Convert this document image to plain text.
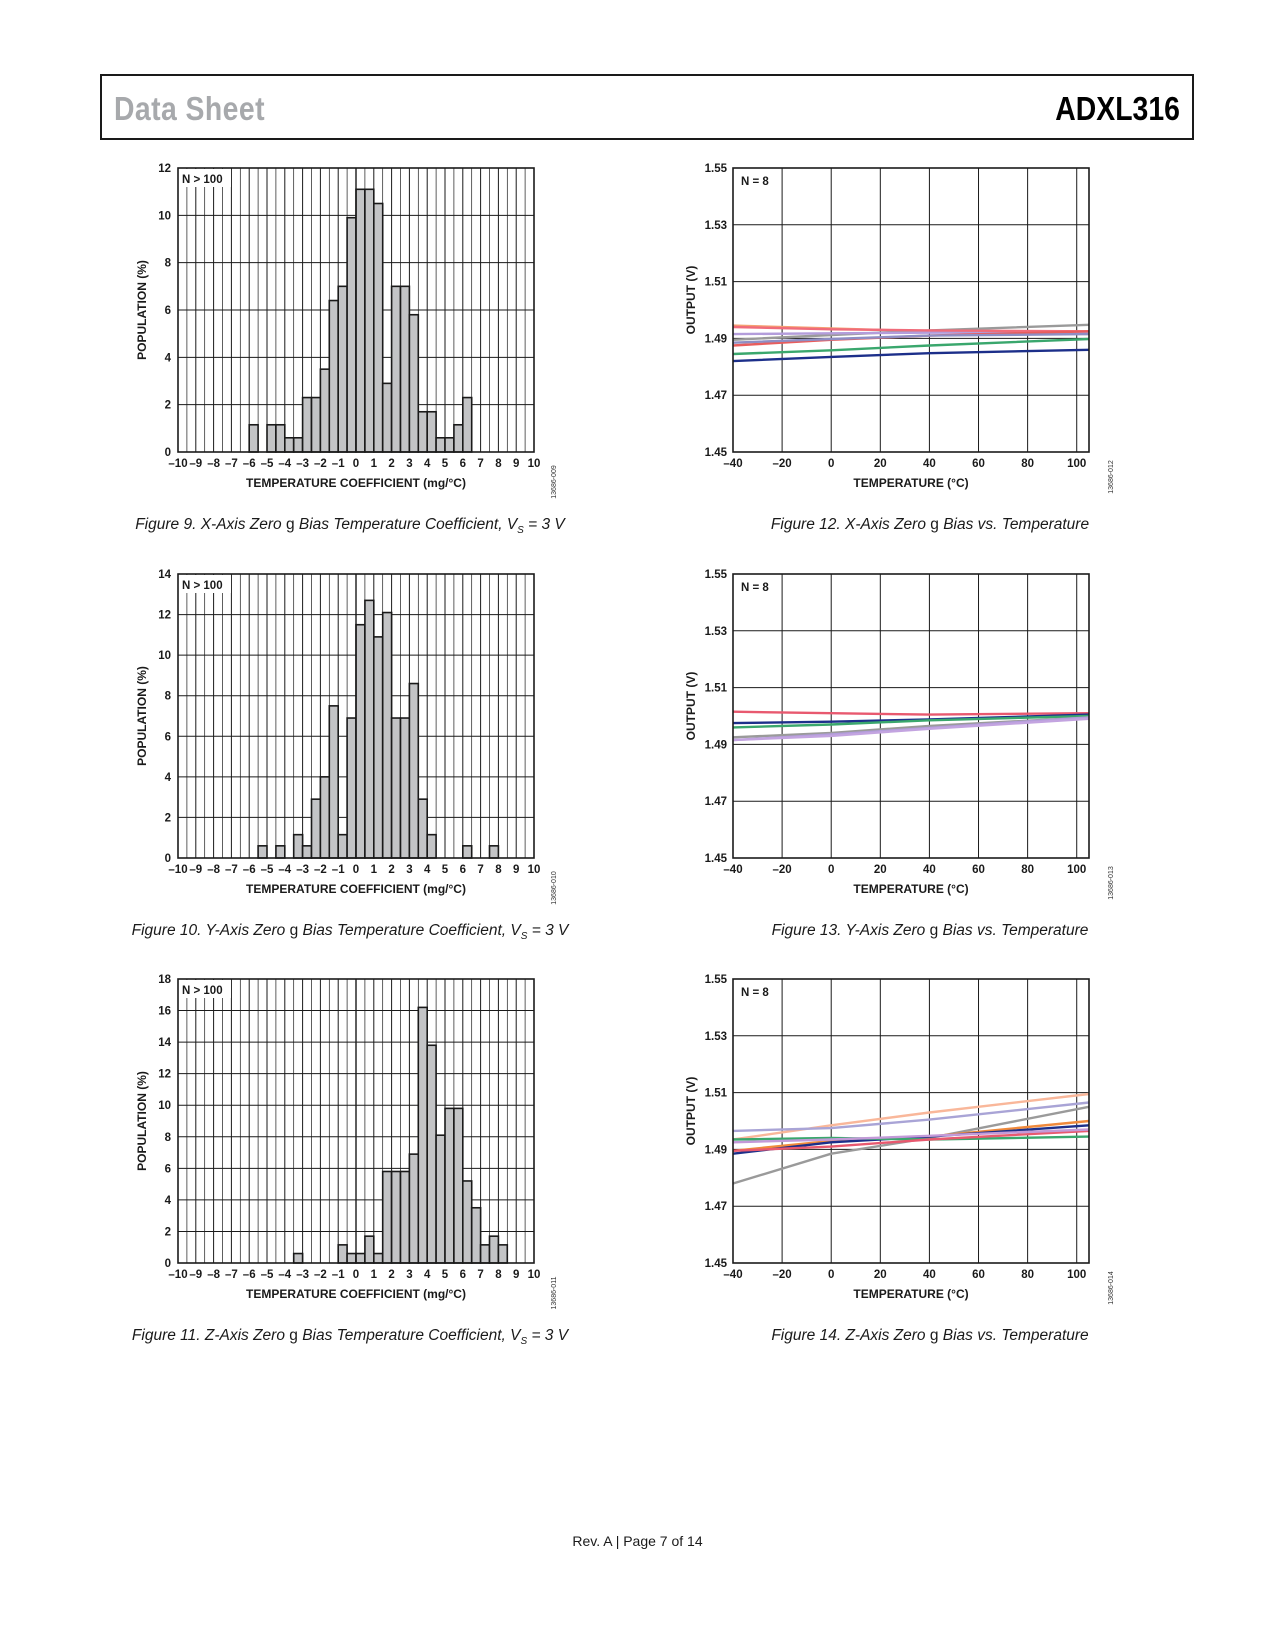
Data Sheet	ADXL316
N > 100
0
2
4
6
8
10
12
–10 –9 –8 –7 –6 –5 –4 –3 –2 –1 0 1 2 3 4 5 6 7 8 9 10
TEMPERATURE COEFFICIENT (mg/°C)
POPULATION (%)
13686-009
Figure 9. X-Axis Zero g Bias Temperature Coefficient, $V_S = 3$ V
N > 100
0
2
4
6
8
10
12
14
–10 –9 –8 –7 –6 –5 –4 –3 –2 –1 0 1 2 3 4 5 6 7 8 9 10
TEMPERATURE COEFFICIENT (mg/°C)
POPULATION (%)
13686-010
Figure 10. Y-Axis Zero g Bias Temperature Coefficient, $V_S = 3$ V
N > 100
0
2
4
6
8
10
12
14
16
18
–10 –9 –8 –7 –6 –5 –4 –3 –2 –1 0 1 2 3 4 5 6 7 8 9 10
TEMPERATURE COEFFICIENT (mg/°C)
POPULATION (%)
13686-011
Figure 11. Z-Axis Zero g Bias Temperature Coefficient, $V_S = 3$ V
N = 8
1.45
1.47
1.49
1.51
1.53
1.55
–40	–20	0	20	40	60	80	100
TEMPERATURE (°C)
OUTPUT (V)
13686-012
Figure 12. X-Axis Zero g Bias vs. Temperature
N = 8
1.45
1.47
1.49
1.51
1.53
1.55
–40	–20	0	20	40	60	80	100
TEMPERATURE (°C)
OUTPUT (V)
13686-013
Figure 13. Y-Axis Zero g Bias vs. Temperature
N = 8
1.45
1.47
1.49
1.51
1.53
1.55
–40	–20	0	20	40	60	80	100
TEMPERATURE (°C)
OUTPUT (V)
13686-014
Figure 14. Z-Axis Zero g Bias vs. Temperature
Rev. A | Page 7 of 14
